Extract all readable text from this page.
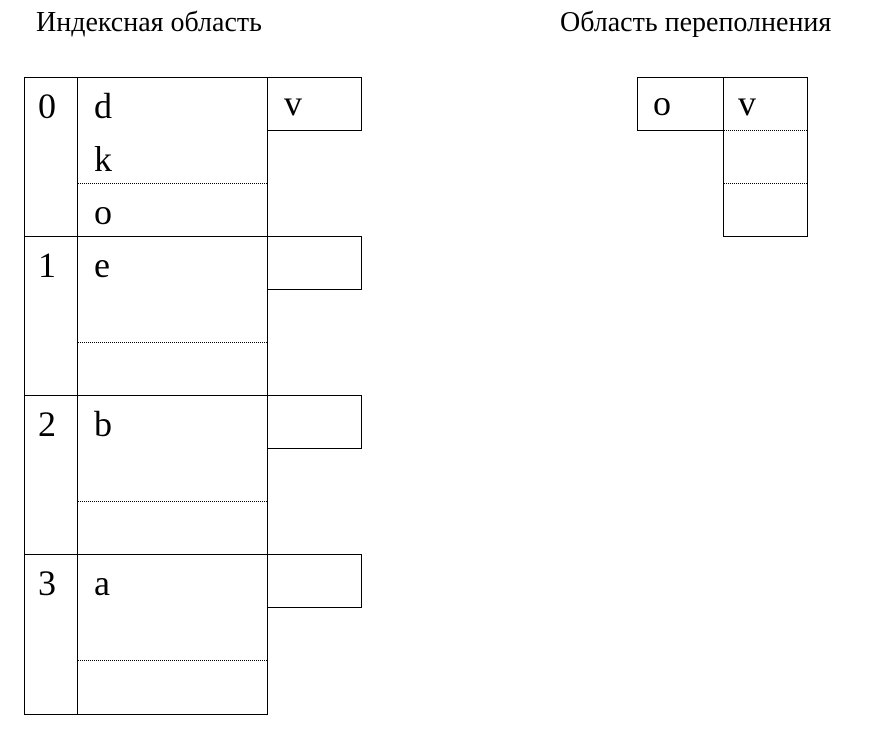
Индексная область	Область переполнения
0 d
k
o
v
1 e
2 b
3 a
o v
